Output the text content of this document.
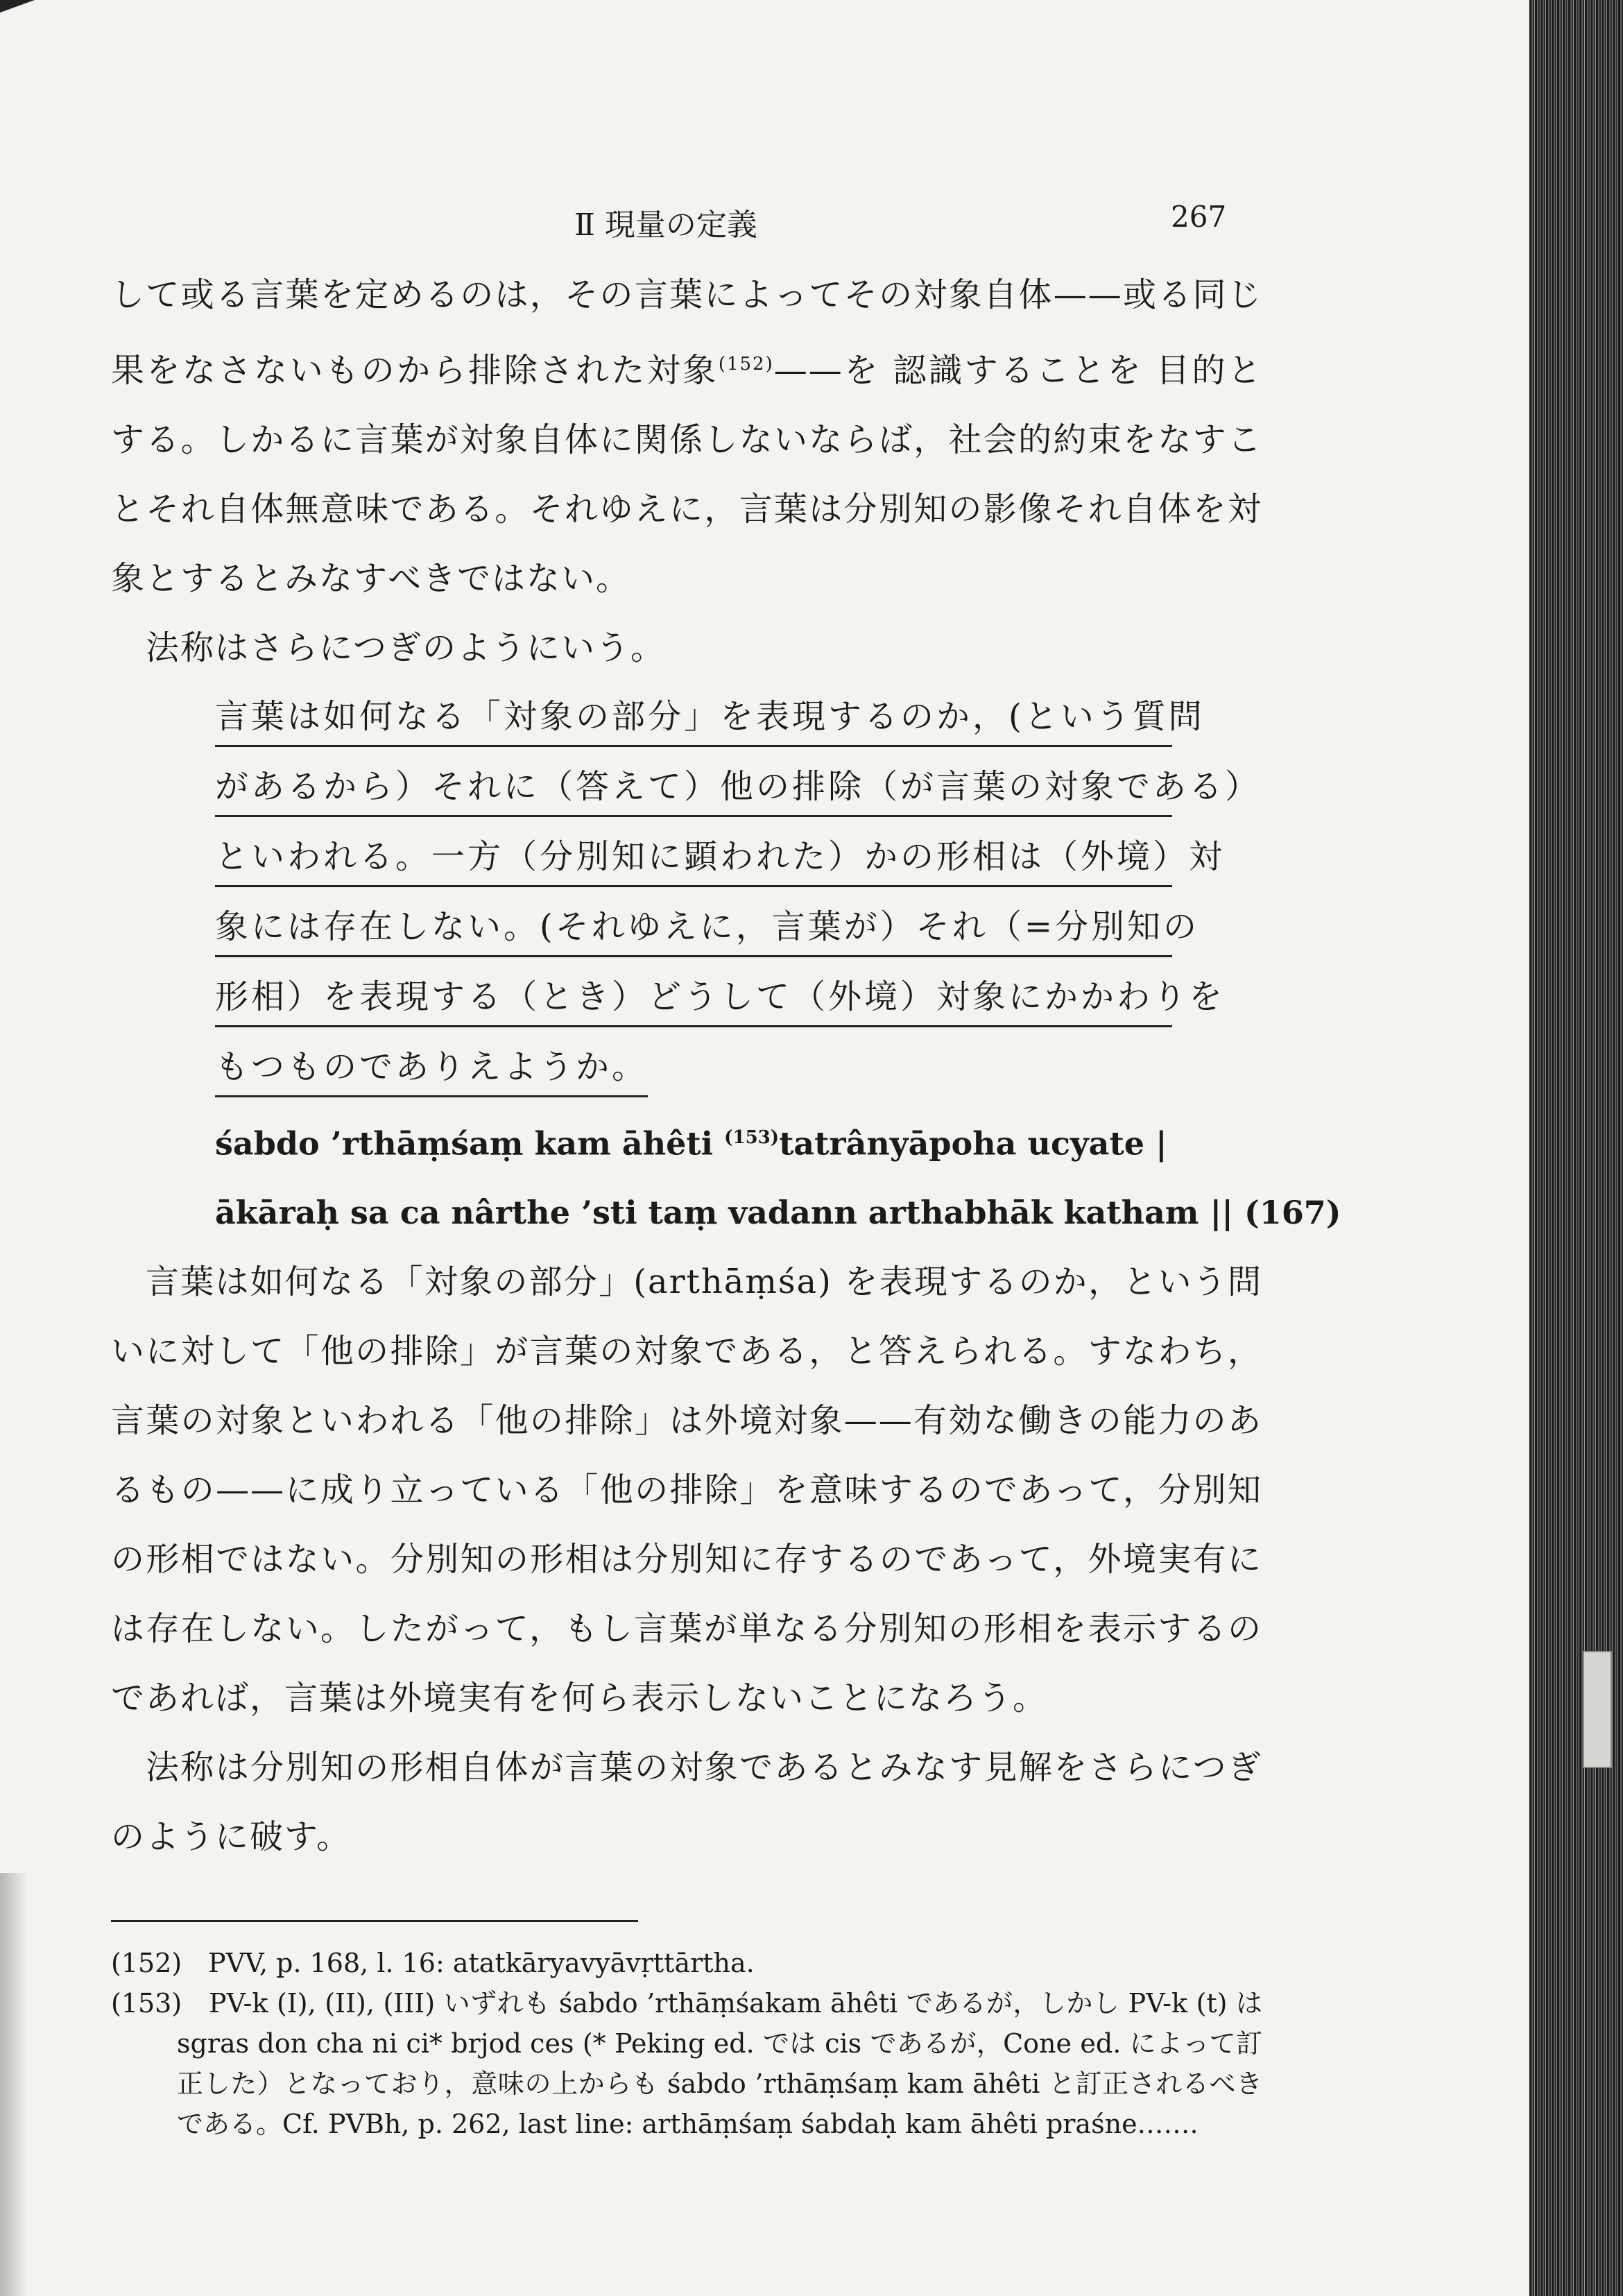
Ⅱ 現量の定義	267

して或る言葉を定めるのは，その言葉によってその対象自体——或る同じ果をなさないものから排除された対象$^{(152)}$——を 認識することを 目的とする。しかるに言葉が対象自体に関係しないならば，社会的約束をなすことそれ自体無意味である。それゆえに，言葉は分別知の影像それ自体を対象とするとみなすべきではない。

法称はさらにつぎのようにいう。

言葉は如何なる「対象の部分」を表現するのか，(という質問
があるから）それに（答えて）他の排除（が言葉の対象である）
といわれる。一方（分別知に顕われた）かの形相は（外境）対
象には存在しない。(それゆえに，言葉が）それ（=分別知の
形相）を表現する（とき）どうして（外境）対象にかかわりを
もつものでありえようか。
śabdo ’rthāṃśaṃ kam āhêti $^{(153)}$tatrânyāpoha ucyate |
ākāraḥ sa ca nârthe ’sti taṃ vadann arthabhāk katham || (167)

言葉は如何なる「対象の部分」(arthāṃśa) を表現するのか，という問いに対して「他の排除」が言葉の対象である，と答えられる。すなわち，言葉の対象といわれる「他の排除」は外境対象——有効な働きの能力のあるもの——に成り立っている「他の排除」を意味するのであって，分別知の形相ではない。分別知の形相は分別知に存するのであって，外境実有には存在しない。したがって，もし言葉が単なる分別知の形相を表示するのであれば，言葉は外境実有を何ら表示しないことになろう。

法称は分別知の形相自体が言葉の対象であるとみなす見解をさらにつぎのように破す。

(152)　PVV, p. 168, l. 16: atatkāryavyāvṛttārtha.

(153)　PV-k (I), (II), (III) いずれも śabdo ’rthāṃśakam āhêti であるが，しかし PV-k (t) は sgras don cha ni ci* brjod ces (* Peking ed. では cis であるが，Cone ed. によって訂正した）となっており，意味の上からも śabdo ’rthāṃśaṃ kam āhêti と訂正されるべきである。Cf. PVBh, p. 262, last line: arthāṃśaṃ śabdaḥ kam āhêti praśne…….
